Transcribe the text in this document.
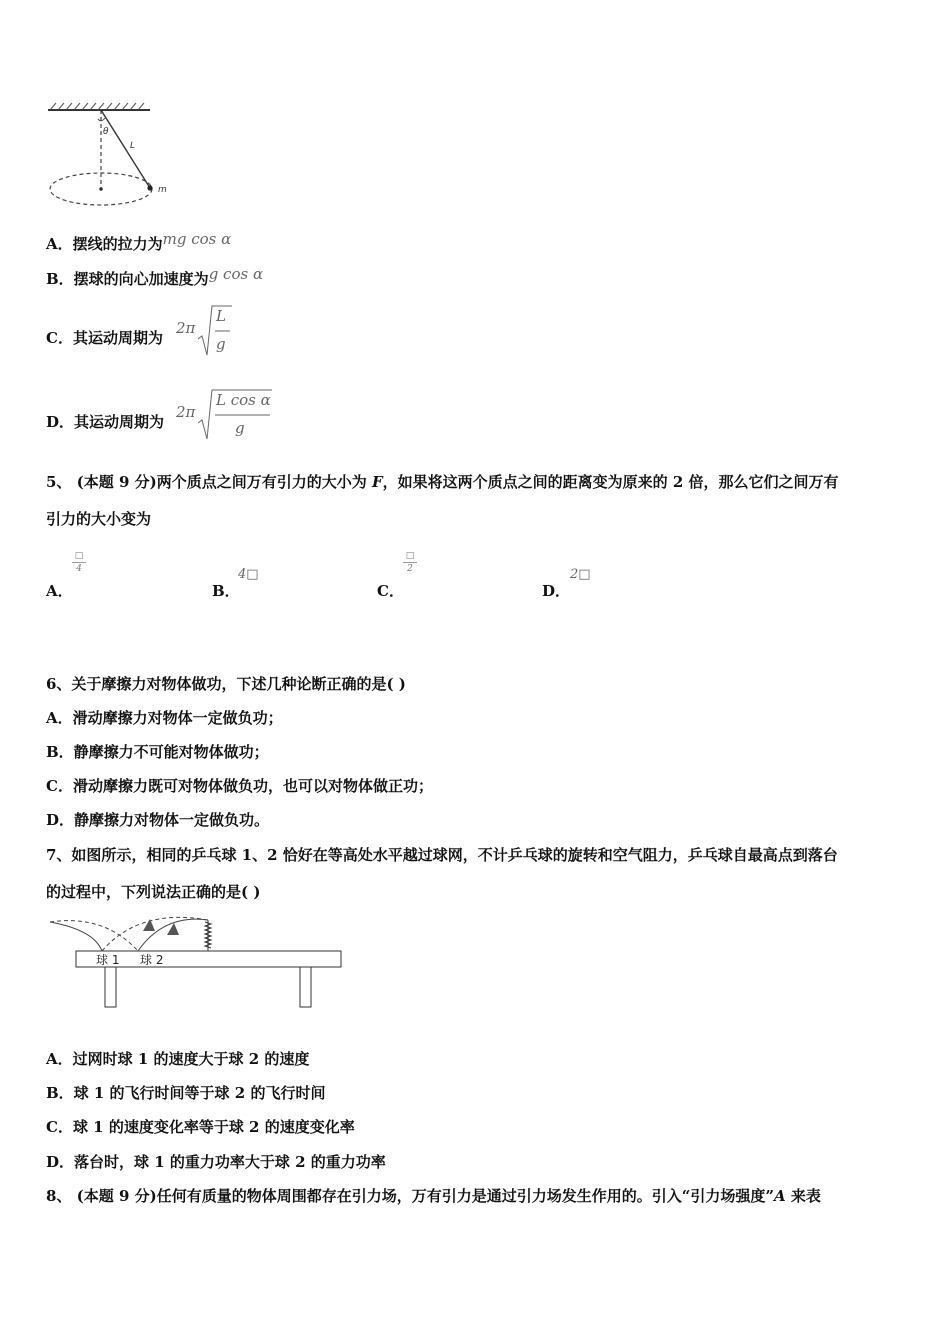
θ
L
m
A．摆线的拉力为mg cos α
B．摆球的向心加速度为g cos α
C．其运动周期为
2π
L
g
D．其运动周期为
2π
L cos α
g
5、 (本题 9 分)两个质点之间万有引力的大小为 F，如果将这两个质点之间的距离变为原来的 2 倍，那么它们之间万有
引力的大小变为
A．
□
4
B．
4□
C．
□
2
D．
2□
6、关于摩擦力对物体做功，下述几种论断正确的是( )
A．滑动摩擦力对物体一定做负功；
B．静摩擦力不可能对物体做功；
C．滑动摩擦力既可对物体做负功，也可以对物体做正功；
D．静摩擦力对物体一定做负功。
7、如图所示，相同的乒乓球 1、2 恰好在等高处水平越过球网，不计乒乓球的旋转和空气阻力，乒乓球自最高点到落台
的过程中，下列说法正确的是( )
球 1 球 2
A．过网时球 1 的速度大于球 2 的速度
B．球 1 的飞行时间等于球 2 的飞行时间
C．球 1 的速度变化率等于球 2 的速度变化率
D．落台时，球 1 的重力功率大于球 2 的重力功率
8、 (本题 9 分)任何有质量的物体周围都存在引力场，万有引力是通过引力场发生作用的。引入“引力场强度”A 来表
